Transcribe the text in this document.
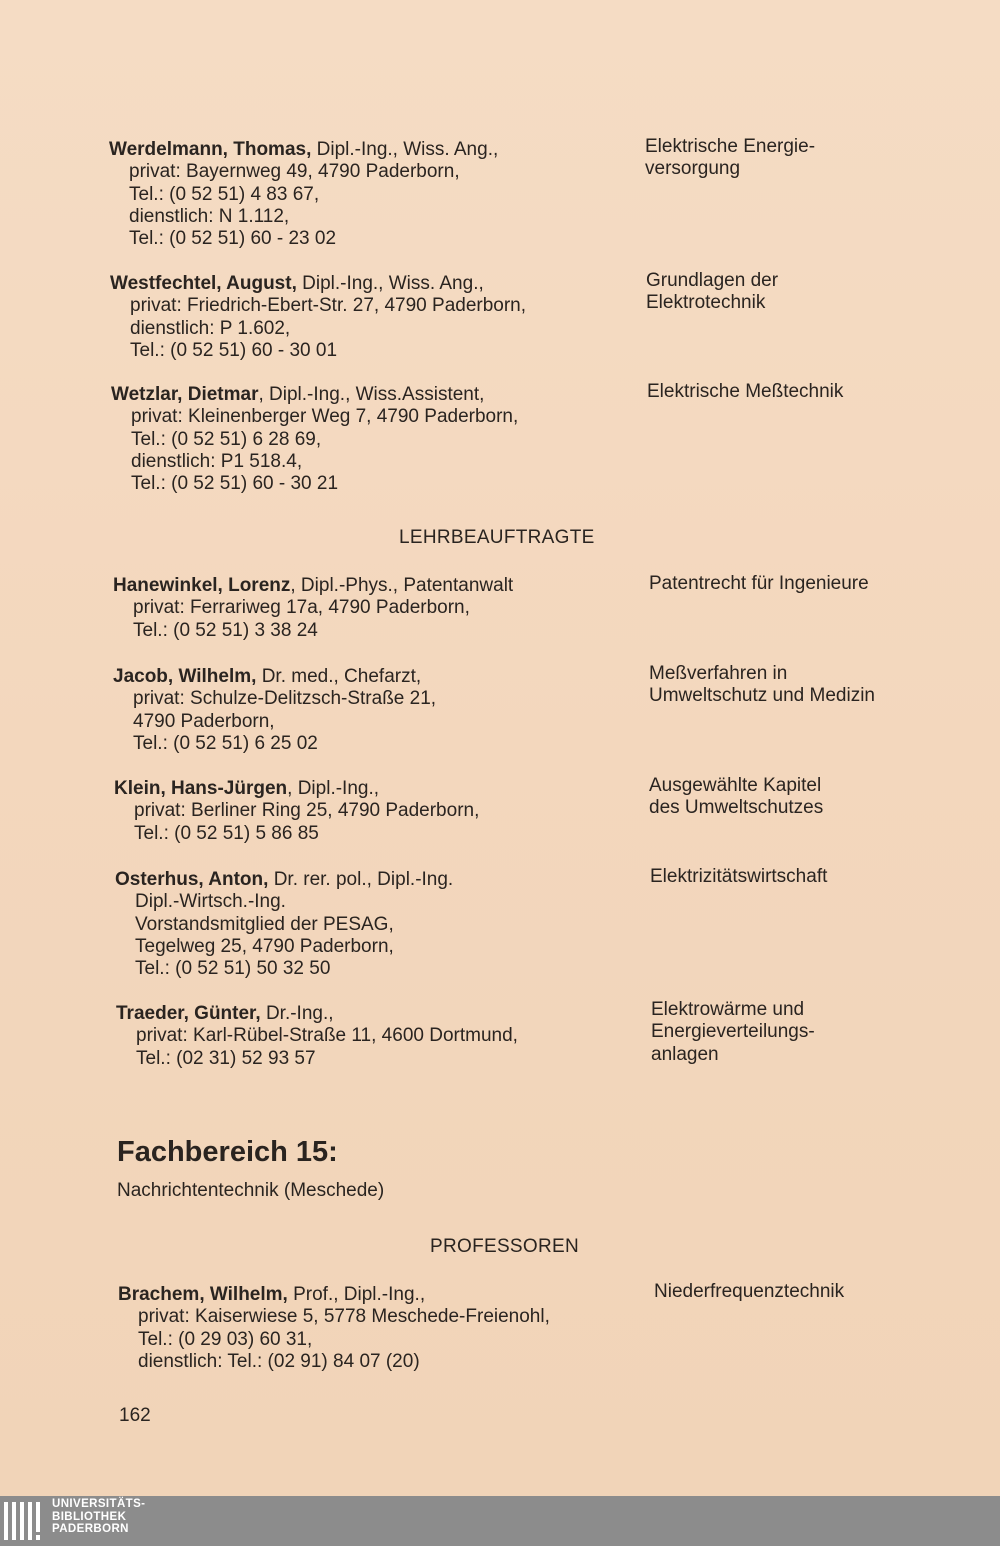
Werdelmann, Thomas, Dipl.-Ing., Wiss. Ang.,
privat: Bayernweg 49, 4790 Paderborn,
Tel.: (0 52 51) 4 83 67,
dienstlich: N 1.112,
Tel.: (0 52 51) 60 - 23 02
Elektrische Energie-
versorgung
Westfechtel, August, Dipl.-Ing., Wiss. Ang.,
privat: Friedrich-Ebert-Str. 27, 4790 Paderborn,
dienstlich: P 1.602,
Tel.: (0 52 51) 60 - 30 01
Grundlagen der
Elektrotechnik
Wetzlar, Dietmar, Dipl.-Ing., Wiss.Assistent,
privat: Kleinenberger Weg 7, 4790 Paderborn,
Tel.: (0 52 51) 6 28 69,
dienstlich: P1 518.4,
Tel.: (0 52 51) 60 - 30 21
Elektrische Meßtechnik
LEHRBEAUFTRAGTE
Hanewinkel, Lorenz, Dipl.-Phys., Patentanwalt
privat: Ferrariweg 17a, 4790 Paderborn,
Tel.: (0 52 51) 3 38 24
Patentrecht für Ingenieure
Jacob, Wilhelm, Dr. med., Chefarzt,
privat: Schulze-Delitzsch-Straße 21,
4790 Paderborn,
Tel.: (0 52 51) 6 25 02
Meßverfahren in
Umweltschutz und Medizin
Klein, Hans-Jürgen, Dipl.-Ing.,
privat: Berliner Ring 25, 4790 Paderborn,
Tel.: (0 52 51) 5 86 85
Ausgewählte Kapitel
des Umweltschutzes
Osterhus, Anton, Dr. rer. pol., Dipl.-Ing.
Dipl.-Wirtsch.-Ing.
Vorstandsmitglied der PESAG,
Tegelweg 25, 4790 Paderborn,
Tel.: (0 52 51) 50 32 50
Elektrizitätswirtschaft
Traeder, Günter, Dr.-Ing.,
privat: Karl-Rübel-Straße 11, 4600 Dortmund,
Tel.: (02 31) 52 93 57
Elektrowärme und
Energieverteilungs-
anlagen
Fachbereich 15:
Nachrichtentechnik (Meschede)
PROFESSOREN
Brachem, Wilhelm, Prof., Dipl.-Ing.,
privat: Kaiserwiese 5, 5778 Meschede-Freienohl,
Tel.: (0 29 03) 60 31,
dienstlich: Tel.: (02 91) 84 07 (20)
Niederfrequenztechnik
162
UNIVERSITÄTS-
BIBLIOTHEK
PADERBORN
